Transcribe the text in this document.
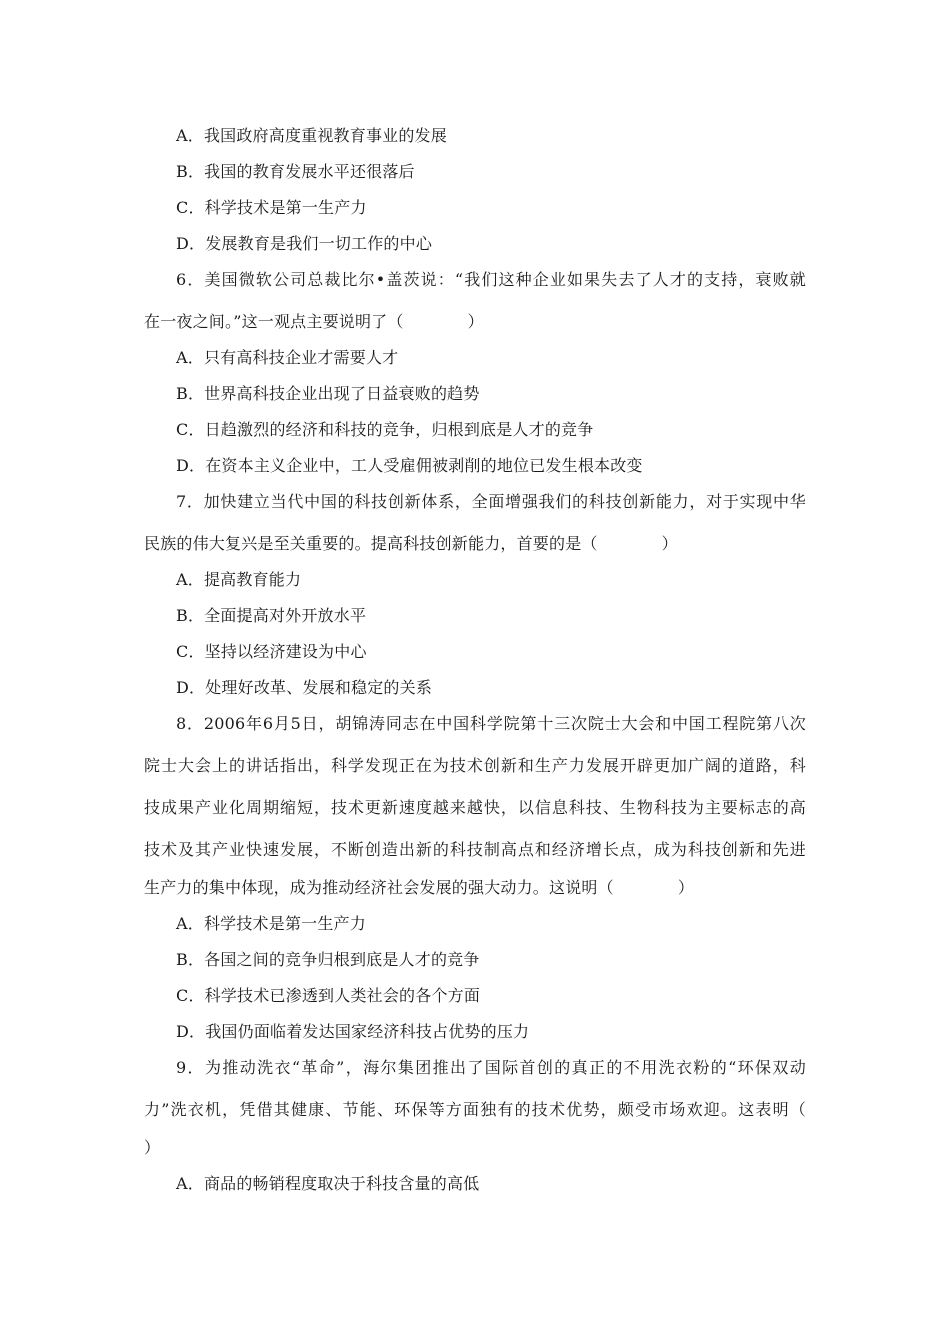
A．我国政府高度重视教育事业的发展
B．我国的教育发展水平还很落后
C．科学技术是第一生产力
D．发展教育是我们一切工作的中心
6．美国微软公司总裁比尔•盖茨说：“我们这种企业如果失去了人才的支持，衰败就
在一夜之间。”这一观点主要说明了（	）
A．只有高科技企业才需要人才
B．世界高科技企业出现了日益衰败的趋势
C．日趋激烈的经济和科技的竞争，归根到底是人才的竞争
D．在资本主义企业中，工人受雇佣被剥削的地位已发生根本改变
7．加快建立当代中国的科技创新体系，全面增强我们的科技创新能力，对于实现中华
民族的伟大复兴是至关重要的。提高科技创新能力，首要的是（	）
A．提高教育能力
B．全面提高对外开放水平
C．坚持以经济建设为中心
D．处理好改革、发展和稳定的关系
8．2006年6月5日，胡锦涛同志在中国科学院第十三次院士大会和中国工程院第八次
院士大会上的讲话指出，科学发现正在为技术创新和生产力发展开辟更加广阔的道路，科
技成果产业化周期缩短，技术更新速度越来越快，以信息科技、生物科技为主要标志的高
技术及其产业快速发展，不断创造出新的科技制高点和经济增长点，成为科技创新和先进
生产力的集中体现，成为推动经济社会发展的强大动力。这说明（	）
A．科学技术是第一生产力
B．各国之间的竞争归根到底是人才的竞争
C．科学技术已渗透到人类社会的各个方面
D．我国仍面临着发达国家经济科技占优势的压力
9．为推动洗衣“革命”，海尔集团推出了国际首创的真正的不用洗衣粉的“环保双动
力”洗衣机，凭借其健康、节能、环保等方面独有的技术优势，颇受市场欢迎。这表明（
）
A．商品的畅销程度取决于科技含量的高低
